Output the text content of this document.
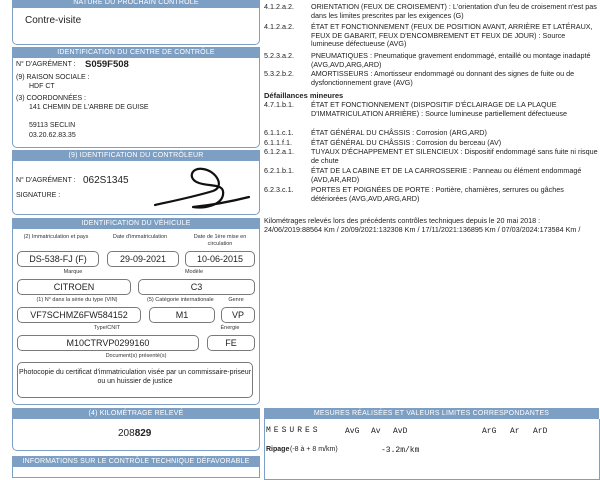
NATURE DU PROCHAIN CONTRÔLE
Contre-visite
IDENTIFICATION DU CENTRE DE CONTRÔLE
N° D'AGRÉMENT : S059F508
(9) RAISON SOCIALE :
HDF CT
(3) COORDONNÉES :
141 CHEMIN DE L'ARBRE DE GUISE
59113 SECLIN
03.20.62.83.35
(9) IDENTIFICATION DU CONTRÔLEUR
N° D'AGRÉMENT : 062S1345
SIGNATURE :
IDENTIFICATION DU VÉHICULE
(2) Immatriculation et pays	Date d'immatriculation	Date de 1ère mise en circulation
DS-538-FJ (F)	29-09-2021	10-06-2015
Marque	Modèle
CITROEN	C3
(1) N° dans la série du type (VIN)	(5) Catégorie internationale	Genre
VF7SCHMZ6FW584152	M1	VP
Type/CNIT	Énergie
M10CTRVP0299160	FE
Document(s) présenté(s)
Photocopie du certificat d'immatriculation visée par un commissaire-priseur ou un huissier de justice
(4) KILOMÉTRAGE RELEVÉ
208829
INFORMATIONS SUR LE CONTRÔLE TECHNIQUE DÉFAVORABLE
4.1.2.a.2. ORIENTATION (FEUX DE CROISEMENT) : L'orientation d'un feu de croisement n'est pas dans les limites prescrites par les exigences (G)
4.1.2.a.2. ÉTAT ET FONCTIONNEMENT (FEUX DE POSITION AVANT, ARRIÈRE ET LATÉRAUX, FEUX DE GABARIT, FEUX D'ENCOMBREMENT ET FEUX DE JOUR) : Source lumineuse défectueuse (AVG)
5.2.3.a.2. PNEUMATIQUES : Pneumatique gravement endommagé, entaillé ou montage inadapté (AVG,AVD,ARG,ARD)
5.3.2.b.2. AMORTISSEURS : Amortisseur endommagé ou donnant des signes de fuite ou de dysfonctionnement grave (AVG)
Défaillances mineures
4.7.1.b.1. ÉTAT ET FONCTIONNEMENT (DISPOSITIF D'ÉCLAIRAGE DE LA PLAQUE D'IMMATRICULATION ARRIÈRE) : Source lumineuse partiellement défectueuse
6.1.1.c.1. ÉTAT GÉNÉRAL DU CHÂSSIS : Corrosion (ARG,ARD)
6.1.1.f.1.	ÉTAT GÉNÉRAL DU CHÂSSIS : Corrosion du berceau (AV)
6.1.2.a.1. TUYAUX D'ÉCHAPPEMENT ET SILENCIEUX : Dispositif endommagé sans fuite ni risque de chute
6.2.1.b.1. ÉTAT DE LA CABINE ET DE LA CARROSSERIE : Panneau ou élément endommagé (AVD,AR,ARD)
6.2.3.c.1. PORTES ET POIGNÉES DE PORTE : Portière, charnières, serrures ou gâches détériorées (AVG,AVD,ARG,ARD)
Kilométrages relevés lors des précédents contrôles techniques depuis le 20 mai 2018 : 24/06/2019:88564 Km / 20/09/2021:132308 Km / 17/11/2021:136895 Km / 07/03/2024:173584 Km /
MESURES RÉALISÉES ET VALEURS LIMITES CORRESPONDANTES
MESURES	AvG Av AvD	ArG Ar ArD
Ripage (-8 à + 8 m/km)	-3.2m/km
